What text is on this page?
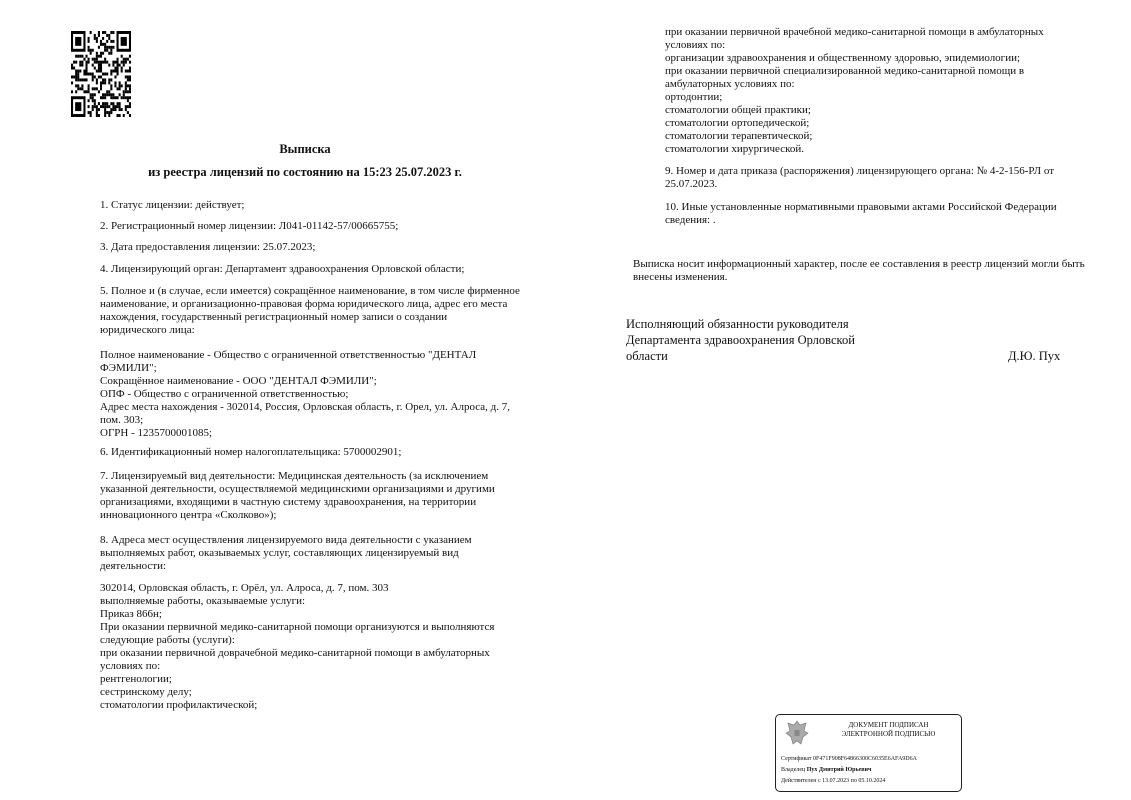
Выписка
из реестра лицензий по состоянию на 15:23 25.07.2023 г.
1. Статус лицензии: действует;
2. Регистрационный номер лицензии: Л041-01142-57/00665755;
3. Дата предоставления лицензии: 25.07.2023;
4. Лицензирующий орган: Департамент здравоохранения Орловской области;
5. Полное и (в случае, если имеется) сокращённое наименование, в том числе фирменное
наименование, и организационно-правовая форма юридического лица, адрес его места
нахождения, государственный регистрационный номер записи о создании
юридического лица:
Полное наименование - Общество с ограниченной ответственностью "ДЕНТАЛ
ФЭМИЛИ";
Сокращённое наименование - ООО "ДЕНТАЛ ФЭМИЛИ";
ОПФ - Общество с ограниченной ответственностью;
Адрес места нахождения - 302014, Россия, Орловская область, г. Орел, ул. Алроса, д. 7,
пом. 303;
ОГРН - 1235700001085;
6. Идентификационный номер налогоплательщика: 5700002901;
7. Лицензируемый вид деятельности: Медицинская деятельность (за исключением
указанной деятельности, осуществляемой медицинскими организациями и другими
организациями, входящими в частную систему здравоохранения, на территории
инновационного центра «Сколково»);
8. Адреса мест осуществления лицензируемого вида деятельности с указанием
выполняемых работ, оказываемых услуг, составляющих лицензируемый вид
деятельности:
302014, Орловская область, г. Орёл, ул. Алроса, д. 7, пом. 303
выполняемые работы, оказываемые услуги:
Приказ 866н;
При оказании первичной медико-санитарной помощи организуются и выполняются
следующие работы (услуги):
при оказании первичной доврачебной медико-санитарной помощи в амбулаторных
условиях по:
рентгенологии;
сестринскому делу;
стоматологии профилактической;
при оказании первичной врачебной медико-санитарной помощи в амбулаторных
условиях по:
организации здравоохранения и общественному здоровью, эпидемиологии;
при оказании первичной специализированной медико-санитарной помощи в
амбулаторных условиях по:
ортодонтии;
стоматологии общей практики;
стоматологии ортопедической;
стоматологии терапевтической;
стоматологии хирургической.
9. Номер и дата приказа (распоряжения) лицензирующего органа: № 4-2-156-РЛ от
25.07.2023.
10. Иные установленные нормативными правовыми актами Российской Федерации
сведения: .
Выписка носит информационный характер, после ее составления в реестр лицензий могли быть
внесены изменения.
Исполняющий обязанности руководителя
Департамента здравоохранения Орловской
области	Д.Ю. Пух
ДОКУМЕНТ ПОДПИСАН
ЭЛЕКТРОННОЙ ПОДПИСЬЮ
Сертификат 0F471F908F64866300C6035E6AFA9D6A
Владелец Пух Дмитрий Юрьевич
Действителен с 13.07.2023 по 05.10.2024
